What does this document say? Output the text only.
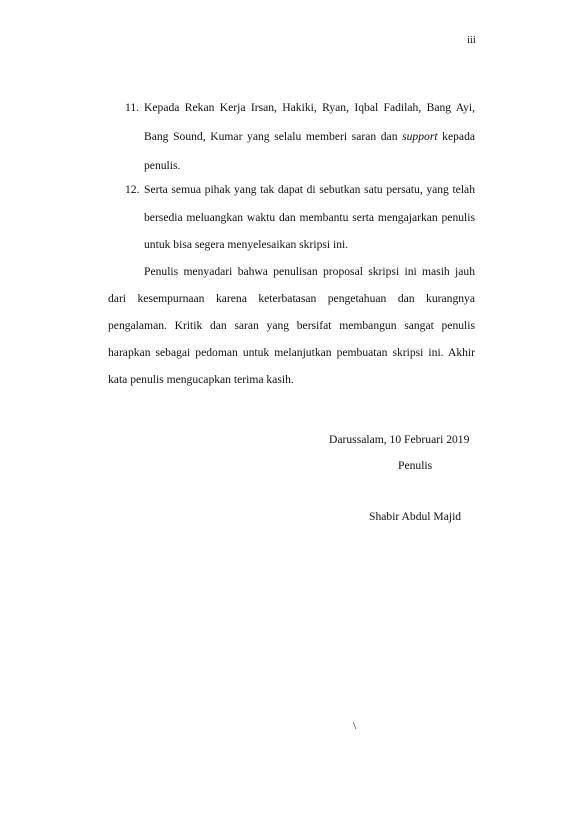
iii
11. Kepada Rekan Kerja Irsan, Hakiki, Ryan, Iqbal Fadilah, Bang Ayi,
Bang Sound, Kumar yang selalu memberi saran dan support kepada
penulis.
12. Serta semua pihak yang tak dapat di sebutkan satu persatu, yang telah
bersedia meluangkan waktu dan membantu serta mengajarkan penulis
untuk bisa segera menyelesaikan skripsi ini.
Penulis menyadari bahwa penulisan proposal skripsi ini masih jauh
dari kesempurnaan karena keterbatasan pengetahuan dan kurangnya
pengalaman. Kritik dan saran yang bersifat membangun sangat penulis
harapkan sebagai pedoman untuk melanjutkan pembuatan skripsi ini. Akhir
kata penulis mengucapkan terima kasih.
Darussalam, 10 Februari 2019
Penulis
Shabir Abdul Majid
\
